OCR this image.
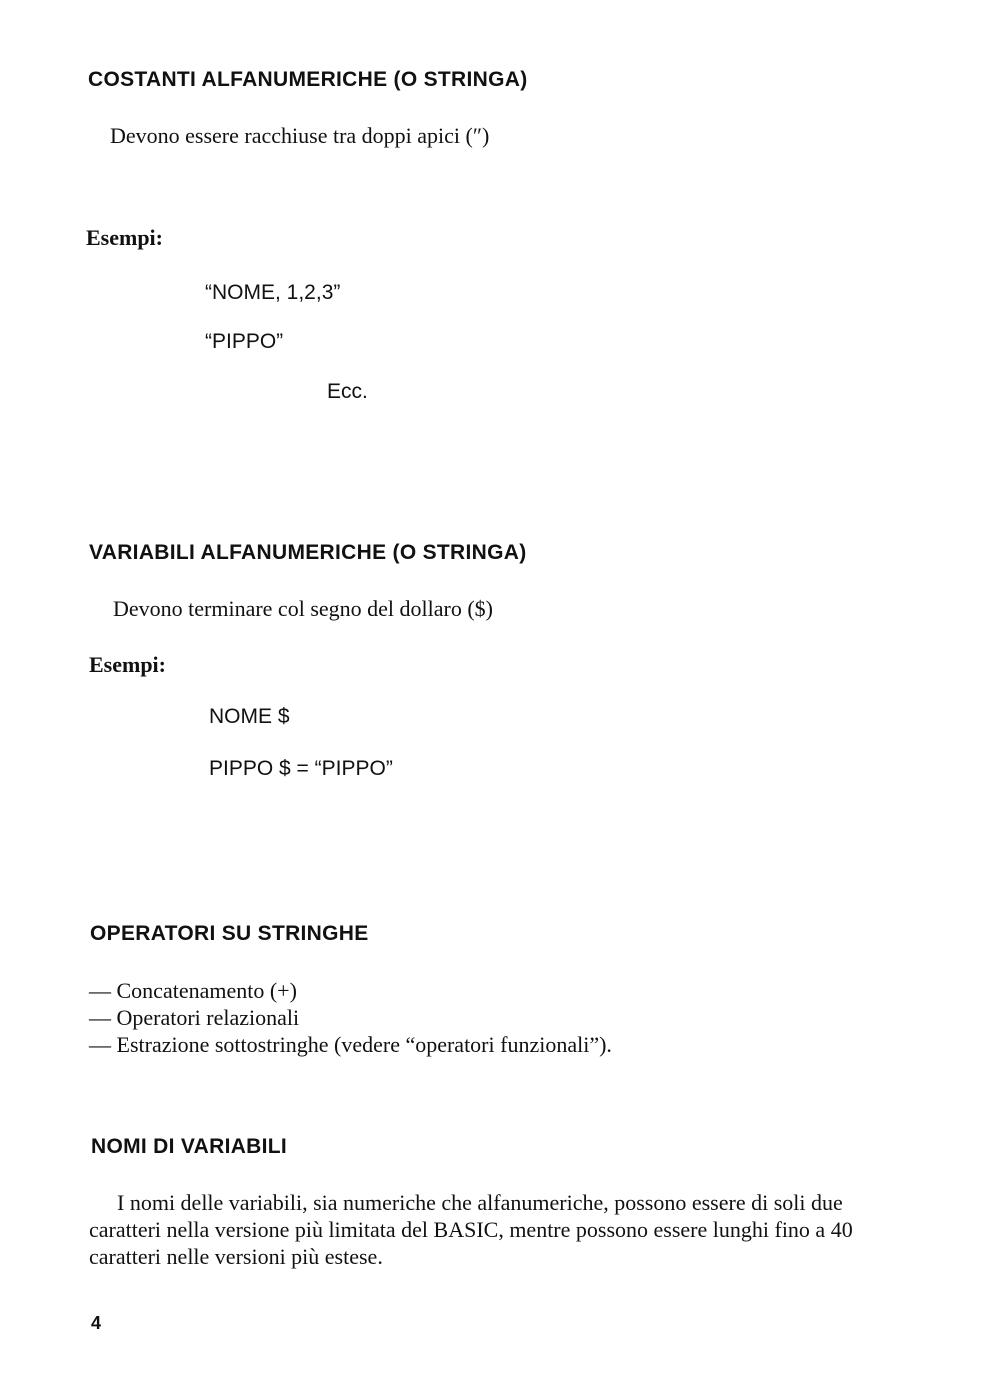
COSTANTI ALFANUMERICHE (O STRINGA)

Devono essere racchiuse tra doppi apici (″)

Esempi:

“NOME, 1,2,3”

“PIPPO”

Ecc.

VARIABILI ALFANUMERICHE (O STRINGA)

Devono terminare col segno del dollaro ($)

Esempi:

NOME $

PIPPO $ = “PIPPO”

OPERATORI SU STRINGHE
— Concatenamento (+)
— Operatori relazionali
— Estrazione sottostringhe (vedere “operatori funzionali”).
NOMI DI VARIABILI

I nomi delle variabili, sia numeriche che alfanumeriche, possono essere di soli due caratteri nella versione più limitata del BASIC, mentre possono essere lunghi fino a 40 caratteri nelle versioni più estese.

4
